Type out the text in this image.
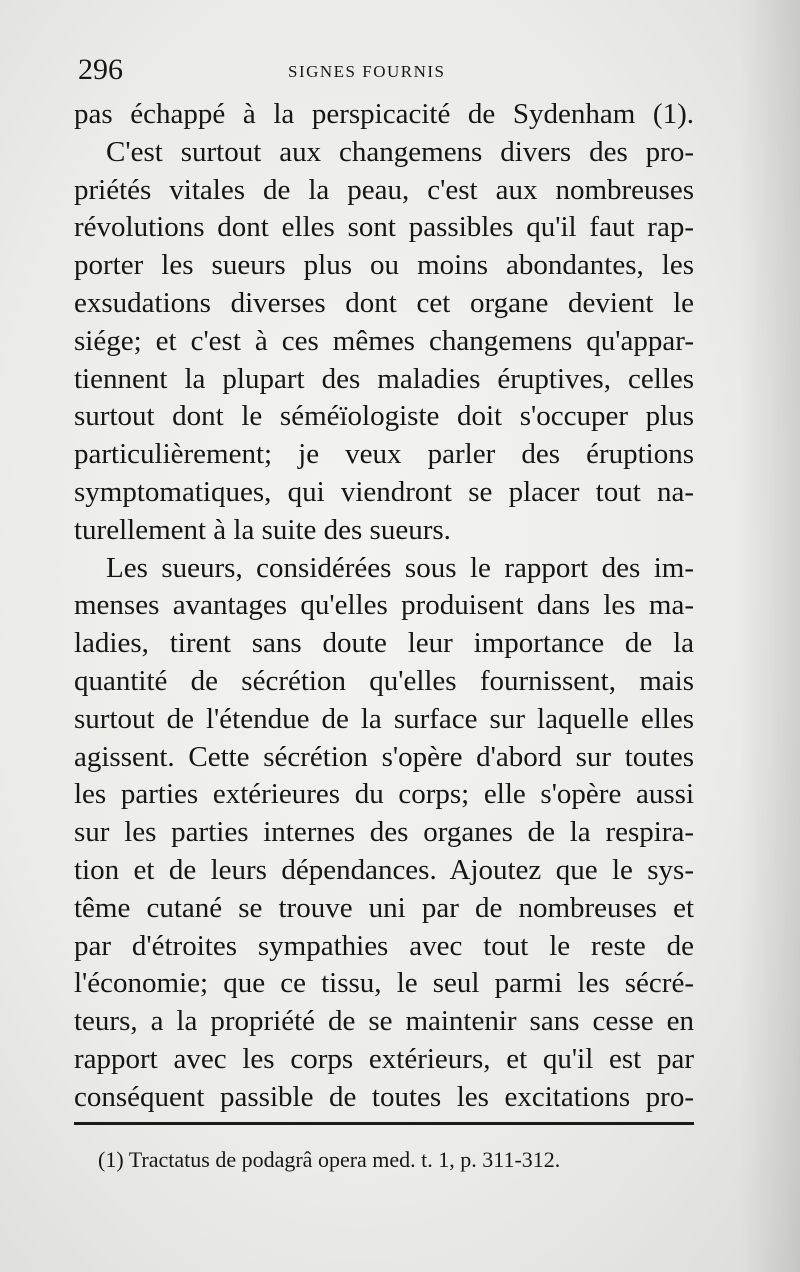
296	SIGNES FOURNIS
pas échappé à la perspicacité de Sydenham (1).
C'est surtout aux changemens divers des pro-
priétés vitales de la peau, c'est aux nombreuses
révolutions dont elles sont passibles qu'il faut rap-
porter les sueurs plus ou moins abondantes, les
exsudations diverses dont cet organe devient le
siége; et c'est à ces mêmes changemens qu'appar-
tiennent la plupart des maladies éruptives, celles
surtout dont le séméïologiste doit s'occuper plus
particulièrement; je veux parler des éruptions
symptomatiques, qui viendront se placer tout na-
turellement à la suite des sueurs.
Les sueurs, considérées sous le rapport des im-
menses avantages qu'elles produisent dans les ma-
ladies, tirent sans doute leur importance de la
quantité de sécrétion qu'elles fournissent, mais
surtout de l'étendue de la surface sur laquelle elles
agissent. Cette sécrétion s'opère d'abord sur toutes
les parties extérieures du corps; elle s'opère aussi
sur les parties internes des organes de la respira-
tion et de leurs dépendances. Ajoutez que le sys-
tême cutané se trouve uni par de nombreuses et
par d'étroites sympathies avec tout le reste de
l'économie; que ce tissu, le seul parmi les sécré-
teurs, a la propriété de se maintenir sans cesse en
rapport avec les corps extérieurs, et qu'il est par
conséquent passible de toutes les excitations pro-
(1) Tractatus de podagrâ opera med. t. 1, p. 311-312.
